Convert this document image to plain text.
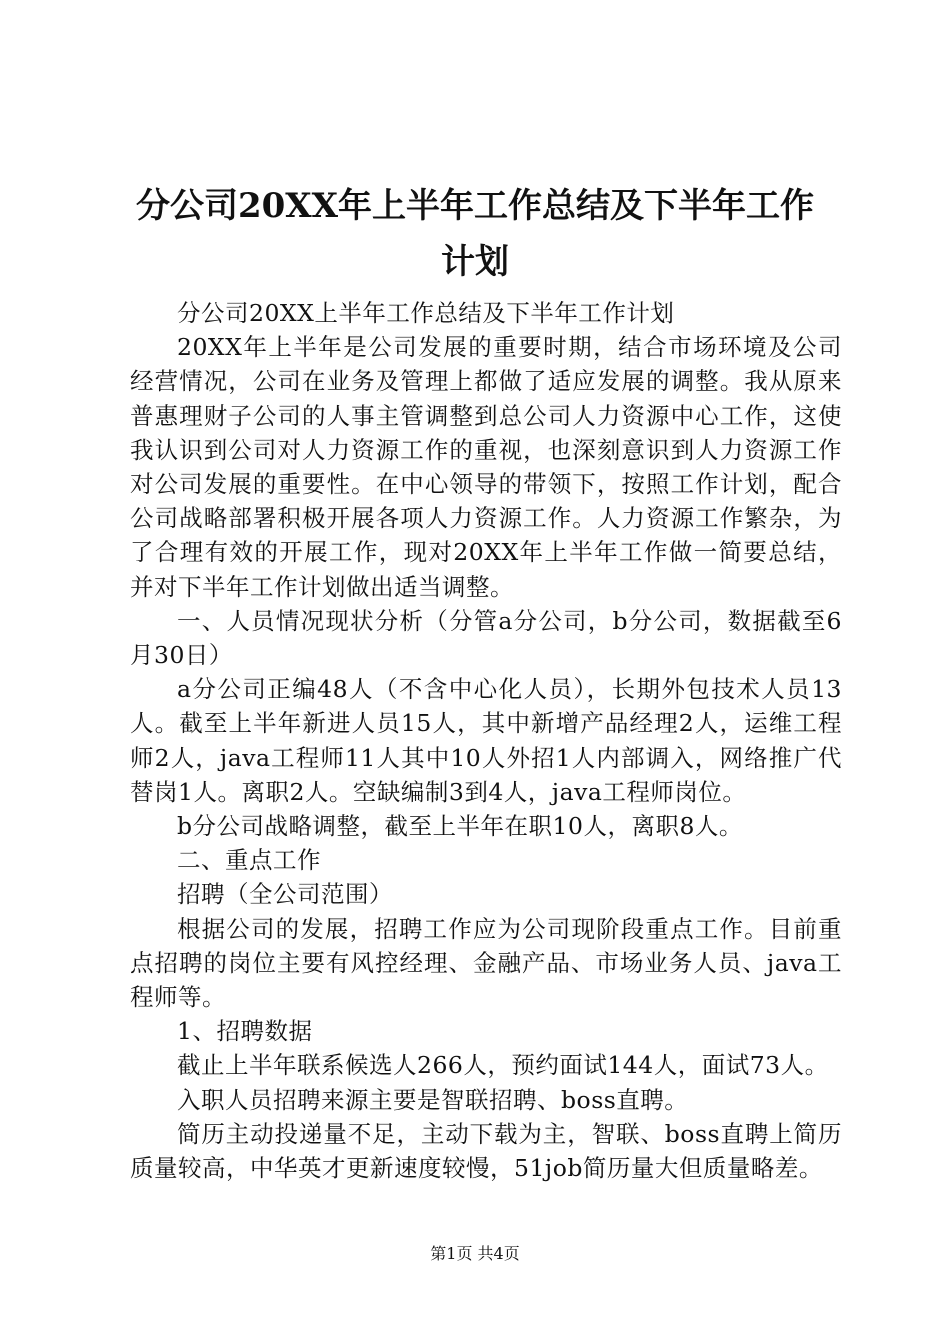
分公司20XX年上半年工作总结及下半年工作计划

分公司20XX上半年工作总结及下半年工作计划

20XX年上半年是公司发展的重要时期，结合市场环境及公司经营情况，公司在业务及管理上都做了适应发展的调整。我从原来普惠理财子公司的人事主管调整到总公司人力资源中心工作，这使我认识到公司对人力资源工作的重视，也深刻意识到人力资源工作对公司发展的重要性。在中心领导的带领下，按照工作计划，配合公司战略部署积极开展各项人力资源工作。人力资源工作繁杂，为了合理有效的开展工作，现对20XX年上半年工作做一简要总结，并对下半年工作计划做出适当调整。

一、人员情况现状分析（分管a分公司，b分公司，数据截至6月30日）

a分公司正编48人（不含中心化人员），长期外包技术人员13人。截至上半年新进人员15人，其中新增产品经理2人，运维工程师2人，java工程师11人其中10人外招1人内部调入，网络推广代替岗1人。离职2人。空缺编制3到4人，java工程师岗位。

b分公司战略调整，截至上半年在职10人，离职8人。

二、重点工作

招聘（全公司范围）

根据公司的发展，招聘工作应为公司现阶段重点工作。目前重点招聘的岗位主要有风控经理、金融产品、市场业务人员、java工程师等。

1、招聘数据

截止上半年联系候选人266人，预约面试144人，面试73人。

入职人员招聘来源主要是智联招聘、boss直聘。

简历主动投递量不足，主动下载为主，智联、boss直聘上简历质量较高，中华英才更新速度较慢，51job简历量大但质量略差。

第1页 共4页
